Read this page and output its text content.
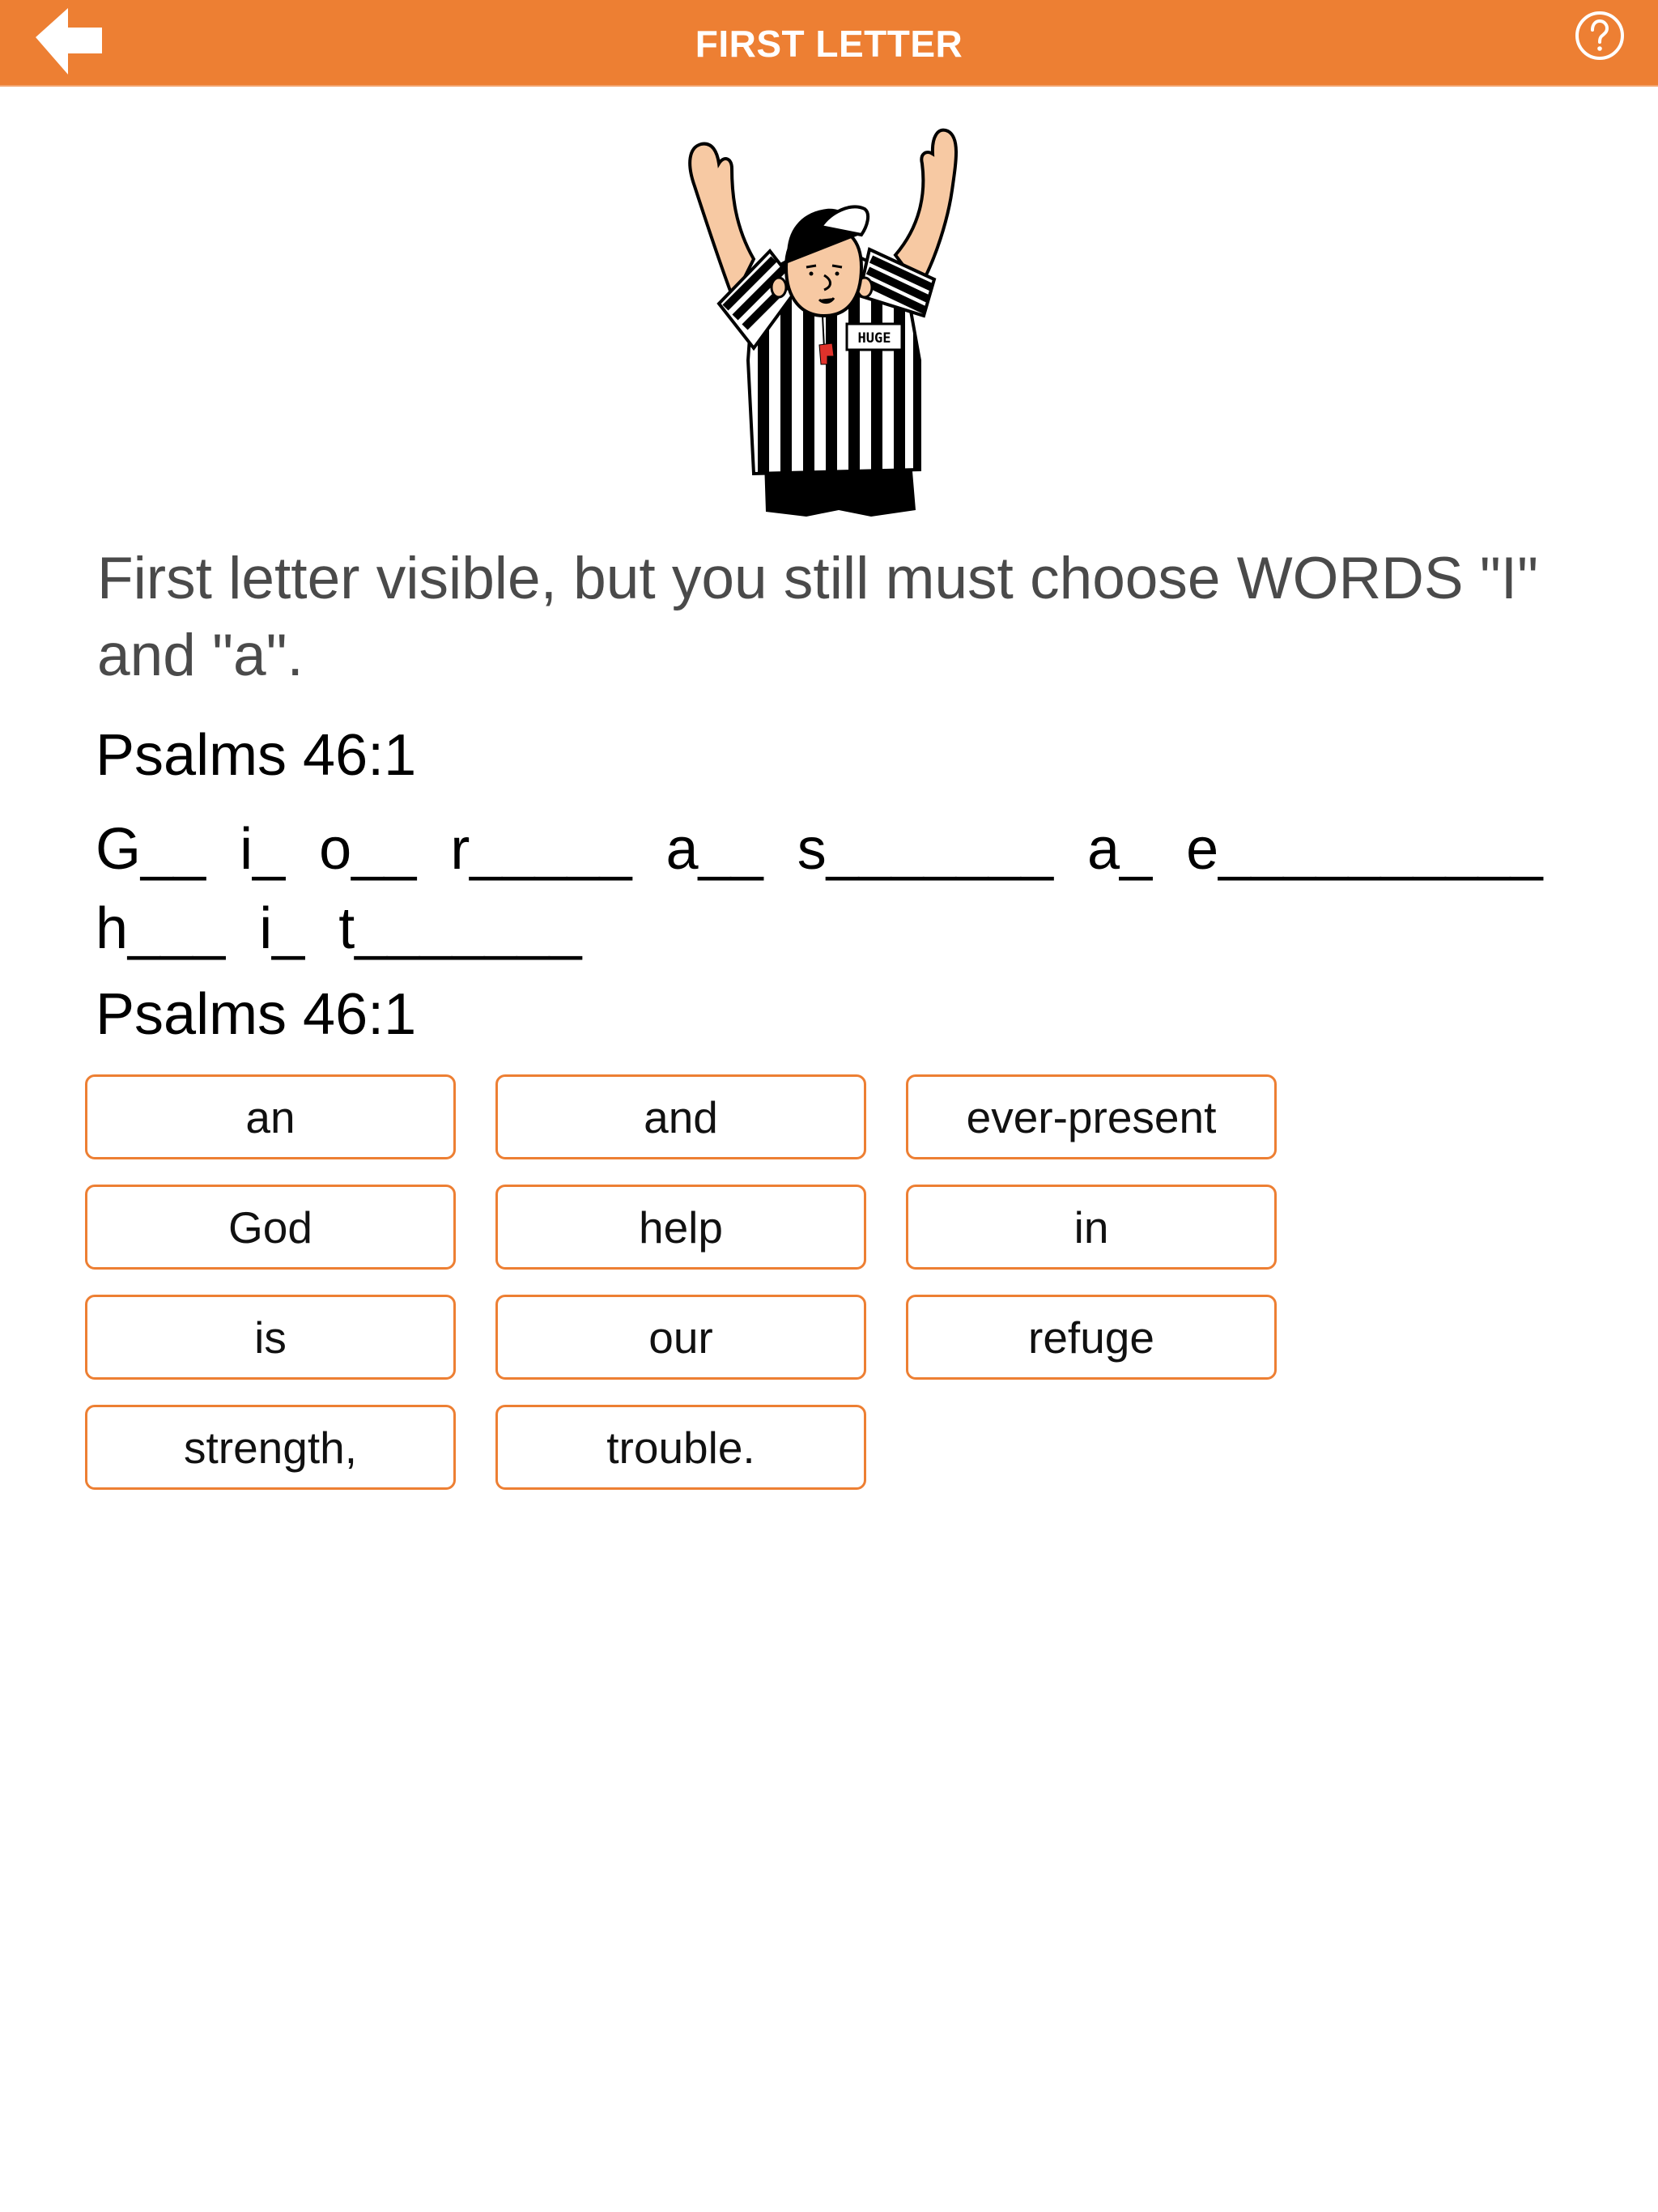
FIRST LETTER
HUGE

First letter visible, but you still must choose WORDS "I" and "a".

Psalms 46:1

G__ i_ o__ r_____ a__ s_______ a_ e__________ h___ i_ t_______

Psalms 46:1

an	and	ever-present
God	help	in
is	our	refuge
strength,	trouble.
